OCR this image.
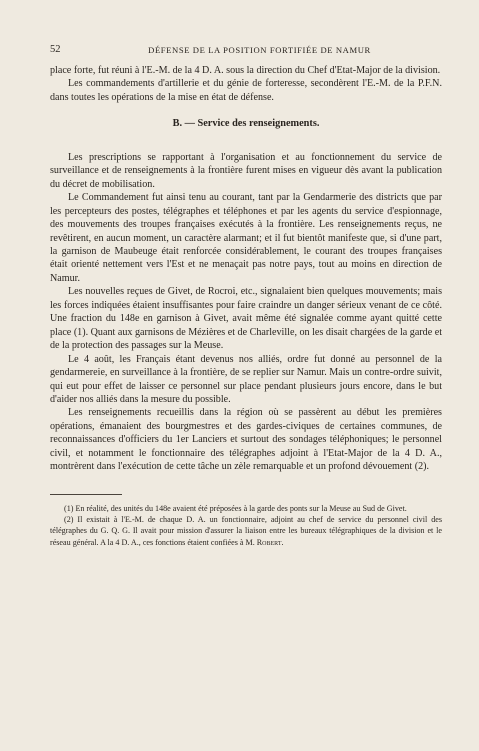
52	DÉFENSE DE LA POSITION FORTIFIÉE DE NAMUR

place forte, fut réuni à l'E.-M. de la 4 D. A. sous la direction du Chef d'Etat-Major de la division.

Les commandements d'artillerie et du génie de forteresse, secondèrent l'E.-M. de la P.F.N. dans toutes les opérations de la mise en état de défense.

B. — Service des renseignements.

Les prescriptions se rapportant à l'organisation et au fonctionnement du service de surveillance et de renseignements à la frontière furent mises en vigueur dès avant la publication du décret de mobilisation.

Le Commandement fut ainsi tenu au courant, tant par la Gendarmerie des districts que par les percepteurs des postes, télégraphes et téléphones et par les agents du service d'espionnage, des mouvements des troupes françaises exécutés à la frontière. Les renseignements reçus, ne revêtirent, en aucun moment, un caractère alarmant; et il fut bientôt manifeste que, si d'une part, la garnison de Maubeuge était renforcée considérablement, le courant des troupes françaises était orienté nettement vers l'Est et ne menaçait pas notre pays, tout au moins en direction de Namur.

Les nouvelles reçues de Givet, de Rocroi, etc., signalaient bien quelques mouvements; mais les forces indiquées étaient insuffisantes pour faire craindre un danger sérieux venant de ce côté. Une fraction du 148e en garnison à Givet, avait même été signalée comme ayant quitté cette place (1). Quant aux garnisons de Mézières et de Charleville, on les disait chargées de la garde et de la protection des passages sur la Meuse.

Le 4 août, les Français étant devenus nos alliés, ordre fut donné au personnel de la gendarmereie, en surveillance à la frontière, de se replier sur Namur. Mais un contre-ordre suivit, qui eut pour effet de laisser ce personnel sur place pendant plusieurs jours encore, dans le but d'aider nos alliés dans la mesure du possible.

Les renseignements recueillis dans la région où se passèrent au début les premières opérations, émanaient des bourgmestres et des gardes-civiques de certaines communes, de reconnaissances d'officiers du 1er Lanciers et surtout des sondages téléphoniques; le personnel civil, et notamment le fonctionnaire des télégraphes adjoint à l'Etat-Major de la 4 D. A., montrèrent dans l'exécution de cette tâche un zèle remarquable et un profond dévouement (2).

(1) En réalité, des unités du 148e avaient été préposées à la garde des ponts sur la Meuse au Sud de Givet.

(2) Il existait à l'E.-M. de chaque D. A. un fonctionnaire, adjoint au chef de service du personnel civil des télégraphes du G. Q. G. Il avait pour mission d'assurer la liaison entre les bureaux télégraphiques de la division et le réseau général. A la 4 D. A., ces fonctions étaient confiées à M. Robert.
